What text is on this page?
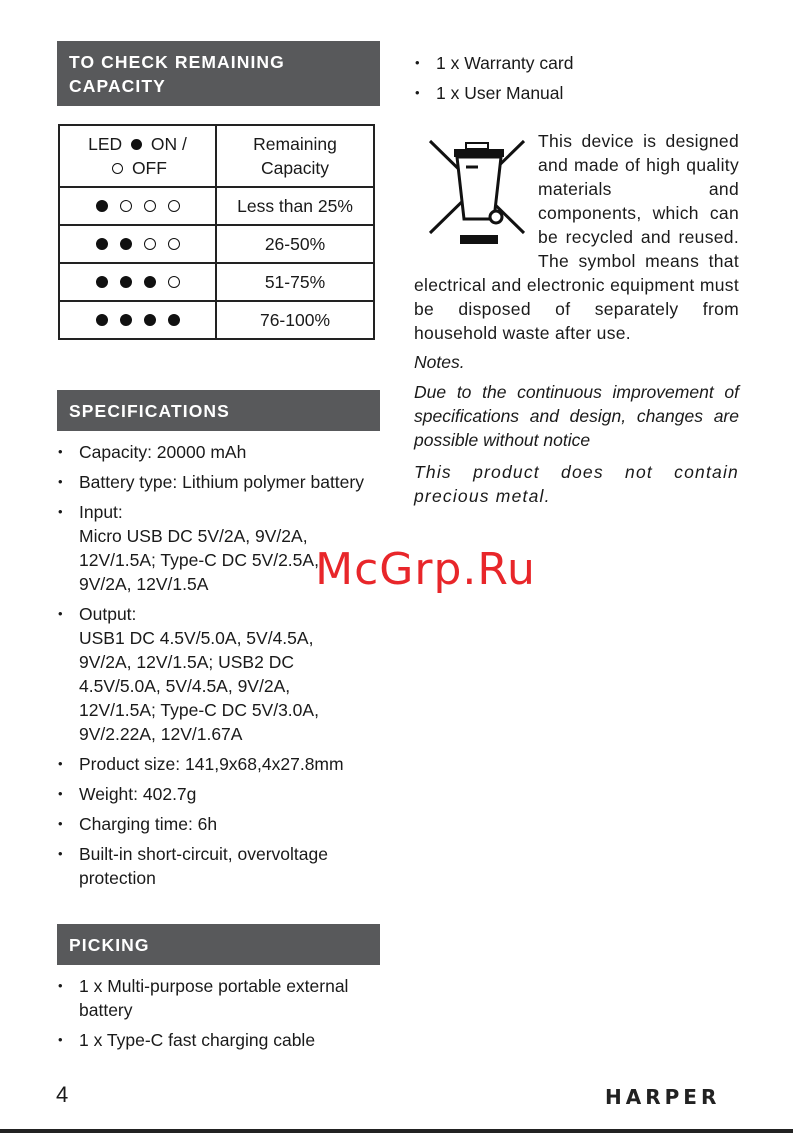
TO CHECK REMAINING CAPACITY
LED ON /
OFF	Remaining Capacity

	Less than 25%

	26-50%

	51-75%

	76-100%
SPECIFICATIONS
• Capacity: 20000 mAh
• Battery type: Lithium polymer battery
• Input:
Micro USB DC 5V/2A, 9V/2A,
12V/1.5A; Type-C DC 5V/2.5A,
9V/2A, 12V/1.5A
• Output:
USB1 DC 4.5V/5.0A, 5V/4.5A,
9V/2A, 12V/1.5A; USB2 DC
4.5V/5.0A, 5V/4.5A, 9V/2A,
12V/1.5A; Type-C DC 5V/3.0A,
9V/2.22A, 12V/1.67A
• Product size: 141,9x68,4x27.8mm
• Weight: 402.7g
• Charging time: 6h
• Built-in short-circuit, overvoltage protection
PICKING
• 1 x Multi-purpose portable external battery
• 1 x Type-C fast charging cable
• 1 x Warranty card
• 1 x User Manual

This device is designed and made of high quality materials and components, which can be recycled and reused. The symbol means that electrical and electronic equipment must be disposed of separately from household waste after use.

Notes.

Due to the continuous improvement of specifications and design, changes are possible without notice

This product does not contain precious metal.

McGrp.Ru
4	HARPER
